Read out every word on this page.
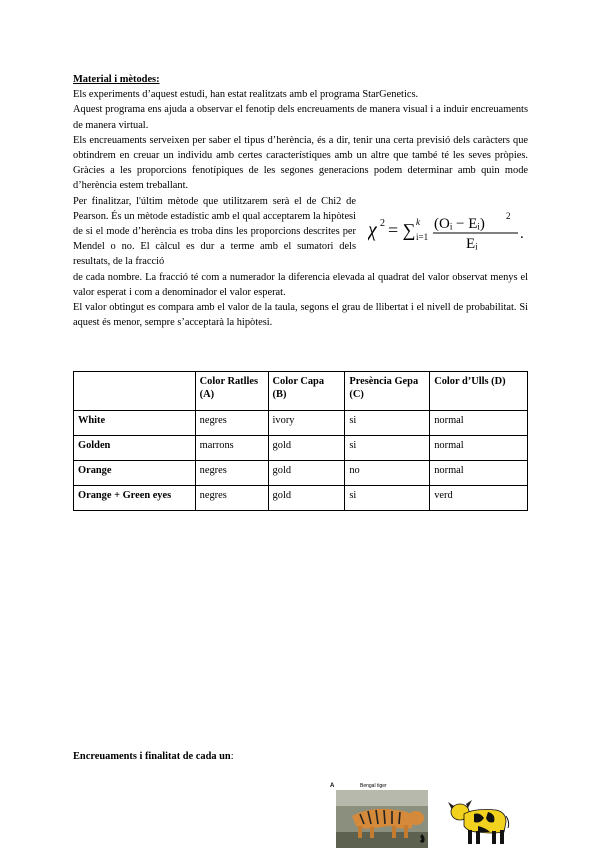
Material i mètodes:

Els experiments d’aquest estudi, han estat realitzats amb el programa StarGenetics.

Aquest programa ens ajuda a observar el fenotip dels encreuaments de manera visual i a induir encreuaments de manera virtual.

Els encreuaments serveixen per saber el tipus d’herència, és a dir, tenir una certa previsió dels caràcters que obtindrem en creuar un individu amb certes característiques amb un altre que també té les seves pròpies. Gràcies a les proporcions fenotípiques de les segones generacions podem determinar amb quin mode d’herència estem treballant.

Per finalitzar, l'últim mètode que utilitzarem serà el de Chi2 de Pearson. És un mètode estadístic amb el qual acceptarem la hipòtesi de si el mode d’herència es troba dins les proporcions descrites per Mendel o no. El càlcul es dur a terme amb el sumatori dels resultats, de la fracció
χ 2 = ∑ k
i=1
(Oᵢ − Eᵢ) 2
Eᵢ
.

de cada nombre. La fracció té com a numerador la diferencia elevada al quadrat del valor observat menys el valor esperat i com a denominador el valor esperat.

El valor obtingut es compara amb el valor de la taula, segons el grau de llibertat i el nivell de probabilitat. Si aquest és menor, sempre s’acceptarà la hipòtesi.

	Color Ratlles (A)	Color Capa (B)	Presència Gepa (C)	Color d’Ulls (D)
White	negres	ivory	si	normal
Golden	marrons	gold	si	normal
Orange	negres	gold	no	normal
Orange + Green eyes	negres	gold	si	verd
Encreuaments i finalitat de cada un:
A	Bengal tiger
